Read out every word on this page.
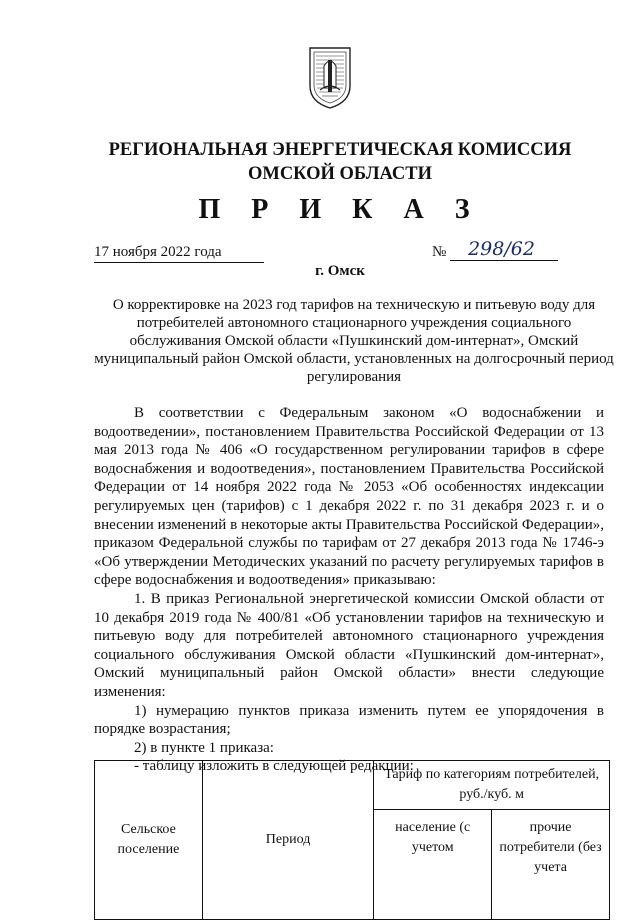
РЕГИОНАЛЬНАЯ ЭНЕРГЕТИЧЕСКАЯ КОМИССИЯ
ОМСКОЙ ОБЛАСТИ
П Р И К А З
17 ноября 2022 года	№ 298/62
г. Омск
О корректировке на 2023 год тарифов на техническую и питьевую воду для потребителей автономного стационарного учреждения социального обслуживания Омской области «Пушкинский дом-интернат», Омский муниципальный район Омской области, установленных на долгосрочный период регулирования

В соответствии с Федеральным законом «О водоснабжении и водоотведении», постановлением Правительства Российской Федерации от 13 мая 2013 года № 406 «О государственном регулировании тарифов в сфере водоснабжения и водоотведения», постановлением Правительства Российской Федерации от 14 ноября 2022 года № 2053 «Об особенностях индексации регулируемых цен (тарифов) с 1 декабря 2022 г. по 31 декабря 2023 г. и о внесении изменений в некоторые акты Правительства Российской Федерации», приказом Федеральной службы по тарифам от 27 декабря 2013 года № 1746-э «Об утверждении Методических указаний по расчету регулируемых тарифов в сфере водоснабжения и водоотведения» приказываю:

1. В приказ Региональной энергетической комиссии Омской области от 10 декабря 2019 года № 400/81 «Об установлении тарифов на техническую и питьевую воду для потребителей автономного стационарного учреждения социального обслуживания Омской области «Пушкинский дом-интернат», Омский муниципальный район Омской области» внести следующие изменения:

1) нумерацию пунктов приказа изменить путем ее упорядочения в порядке возрастания;

2) в пункте 1 приказа:

- таблицу изложить в следующей редакции:

Сельское поселение	Период	Тариф по категориям потребителей, руб./куб. м	
		население (с учетом	прочие потребители (без учета
